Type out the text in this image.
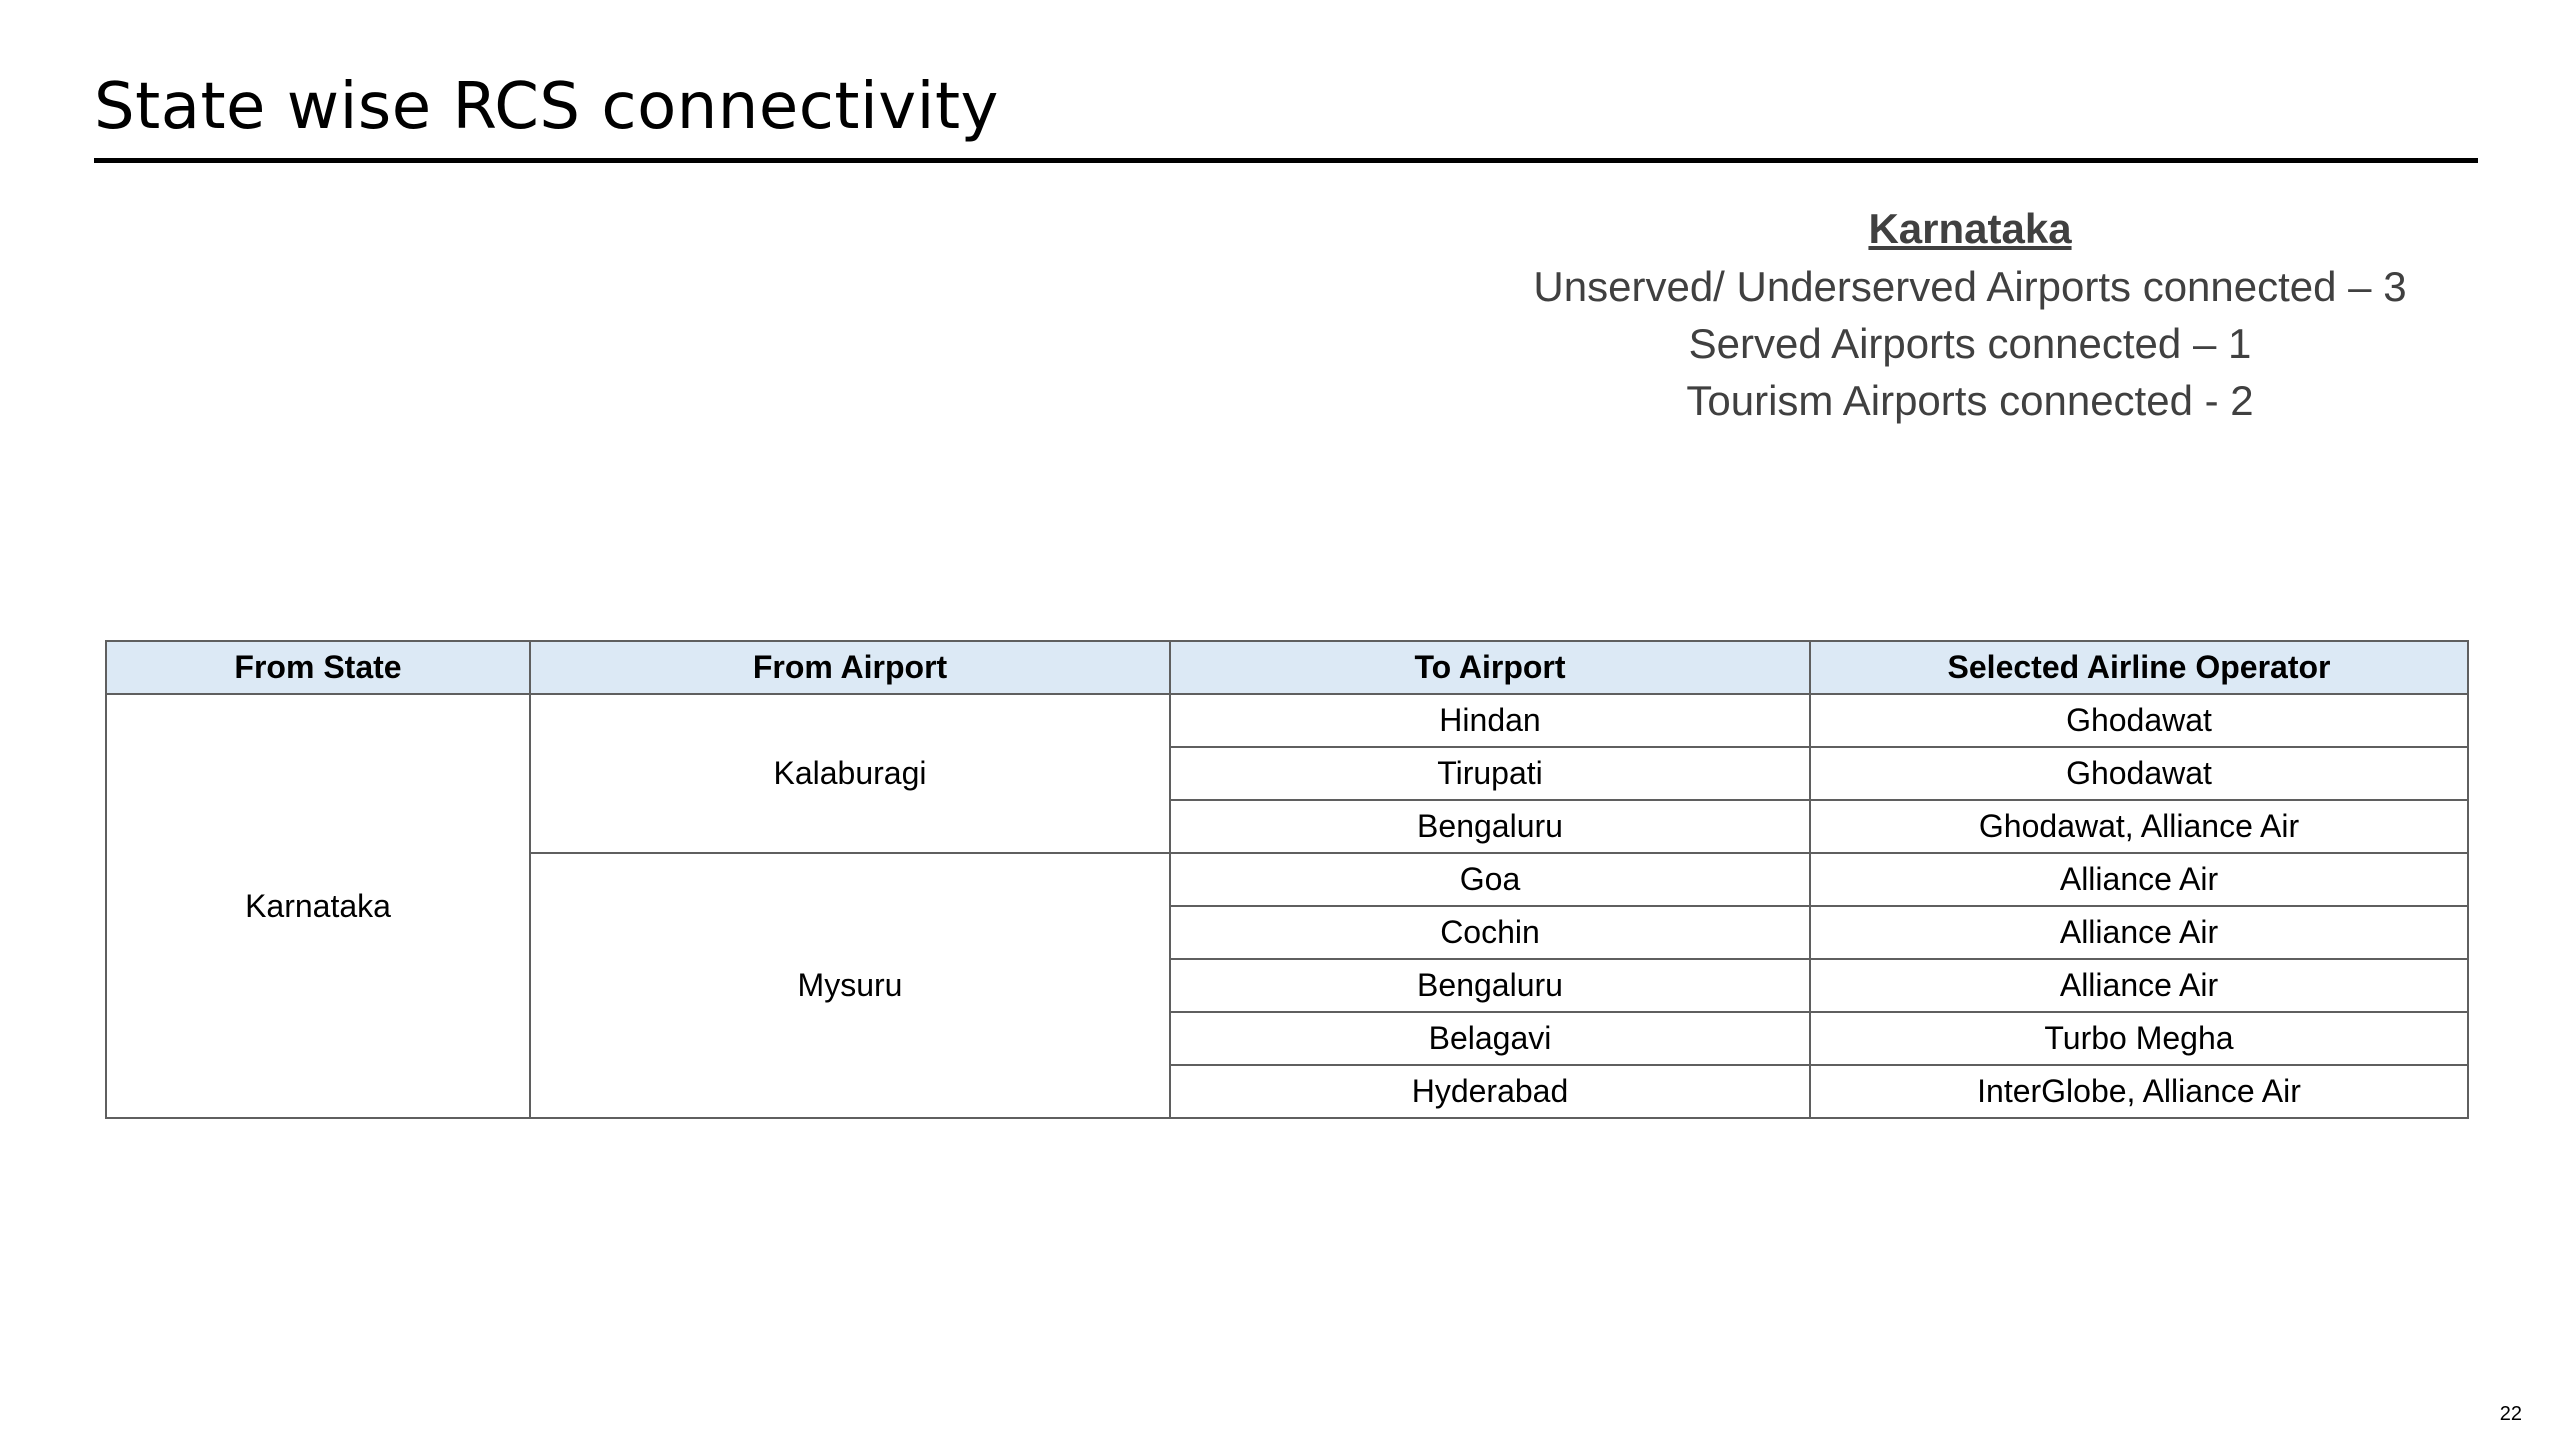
State wise RCS connectivity
Karnataka
Unserved/ Underserved Airports connected – 3
Served Airports connected – 1
Tourism Airports connected - 2
From State	From Airport	To Airport	Selected Airline Operator
Karnataka	Kalaburagi	Hindan	Ghodawat
		Tirupati	Ghodawat
		Bengaluru	Ghodawat, Alliance Air
	Mysuru	Goa	Alliance Air
		Cochin	Alliance Air
		Bengaluru	Alliance Air
		Belagavi	Turbo Megha
		Hyderabad	InterGlobe, Alliance Air
22
